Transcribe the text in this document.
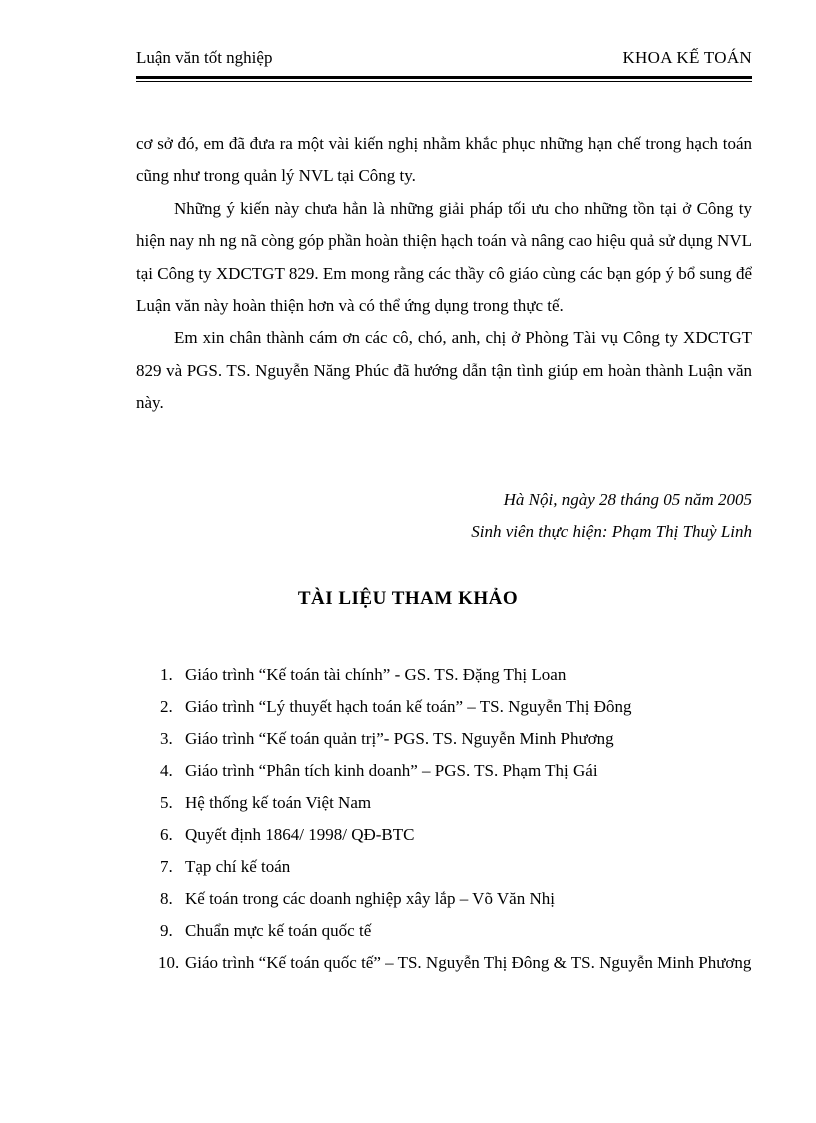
Luận văn tốt nghiệp	KHOA KẾ TOÁN

cơ sở đó, em đã đưa ra một vài kiến nghị nhằm khắc phục những hạn chế trong hạch toán cũng như trong quản lý NVL tại Công ty.

Những ý kiến này chưa hẳn là những giải pháp tối ưu cho những tồn tại ở Công ty hiện nay nh ng nã còng góp phần hoàn thiện hạch toán và nâng cao hiệu quả sử dụng NVL tại Công ty XDCTGT 829. Em mong rằng các thầy cô giáo cùng các bạn góp ý bổ sung để Luận văn này hoàn thiện hơn và có thể ứng dụng trong thực tế.

Em xin chân thành cám ơn các cô, chó, anh, chị ở Phòng Tài vụ Công ty XDCTGT 829 và PGS. TS. Nguyễn Năng Phúc đã hướng dẫn tận tình giúp em hoàn thành Luận văn này.

Hà Nội, ngày 28 tháng 05 năm 2005
Sinh viên thực hiện: Phạm Thị Thuỳ Linh
TÀI LIỆU THAM KHẢO
1. Giáo trình “Kế toán tài chính” - GS. TS. Đặng Thị Loan
2. Giáo trình “Lý thuyết hạch toán kế toán” – TS. Nguyễn Thị Đông
3. Giáo trình “Kế toán quản trị”- PGS. TS. Nguyễn Minh Phương
4. Giáo trình “Phân tích kinh doanh” – PGS. TS. Phạm Thị Gái
5. Hệ thống kế toán Việt Nam
6. Quyết định 1864/ 1998/ QĐ-BTC
7. Tạp chí kế toán
8. Kế toán trong các doanh nghiệp xây lắp – Võ Văn Nhị
9. Chuẩn mực kế toán quốc tế
10. Giáo trình “Kế toán quốc tế” – TS. Nguyễn Thị Đông & TS. Nguyễn Minh Phương
